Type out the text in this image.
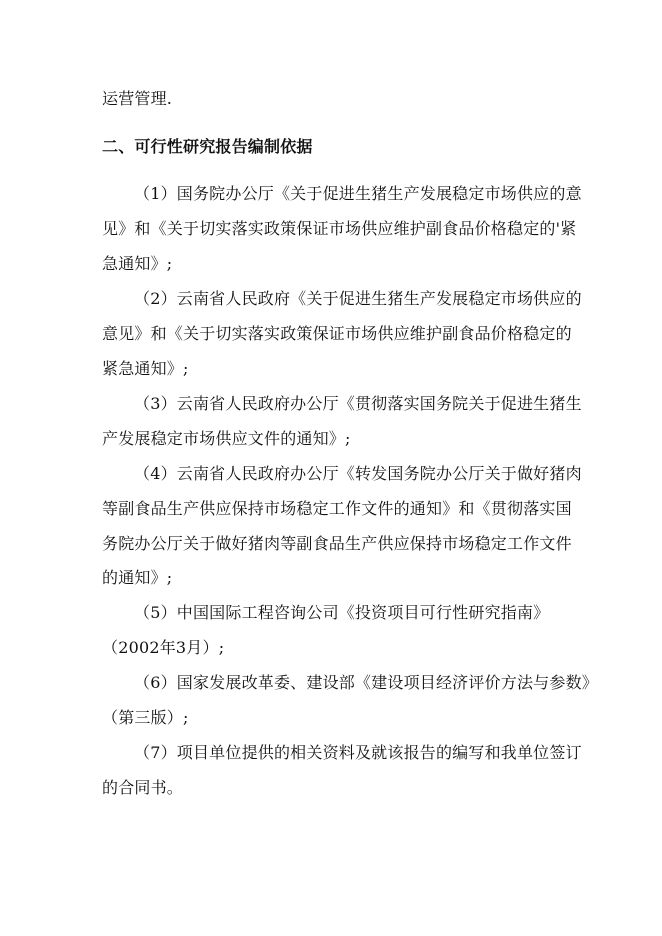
运营管理.
二、可行性研究报告编制依据
（1）国务院办公厅《关于促进生猪生产发展稳定市场供应的意
见》和《关于切实落实政策保证市场供应维护副食品价格稳定的'紧
急通知》;
（2）云南省人民政府《关于促进生猪生产发展稳定市场供应的
意见》和《关于切实落实政策保证市场供应维护副食品价格稳定的
紧急通知》;
（3）云南省人民政府办公厅《贯彻落实国务院关于促进生猪生
产发展稳定市场供应文件的通知》;
（4）云南省人民政府办公厅《转发国务院办公厅关于做好猪肉
等副食品生产供应保持市场稳定工作文件的通知》和《贯彻落实国
务院办公厅关于做好猪肉等副食品生产供应保持市场稳定工作文件
的通知》;
（5）中国国际工程咨询公司《投资项目可行性研究指南》
（2002年3月）;
（6）国家发展改革委、建设部《建设项目经济评价方法与参数》
（第三版）;
（7）项目单位提供的相关资料及就该报告的编写和我单位签订
的合同书。
